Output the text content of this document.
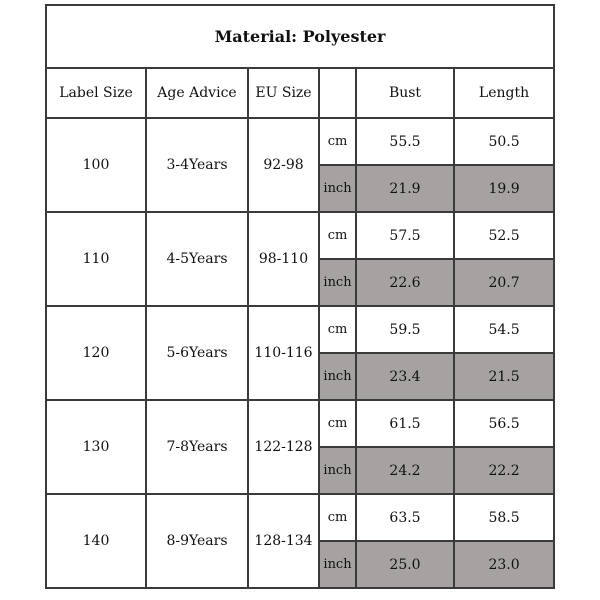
Material: Polyester					
Label Size	Age Advice	EU Size		Bust	Length
100	3-4Years	92-98	cm	55.5	50.5
			inch	21.9	19.9
110	4-5Years	98-110	cm	57.5	52.5
			inch	22.6	20.7
120	5-6Years	110-116	cm	59.5	54.5
			inch	23.4	21.5
130	7-8Years	122-128	cm	61.5	56.5
			inch	24.2	22.2
140	8-9Years	128-134	cm	63.5	58.5
			inch	25.0	23.0
